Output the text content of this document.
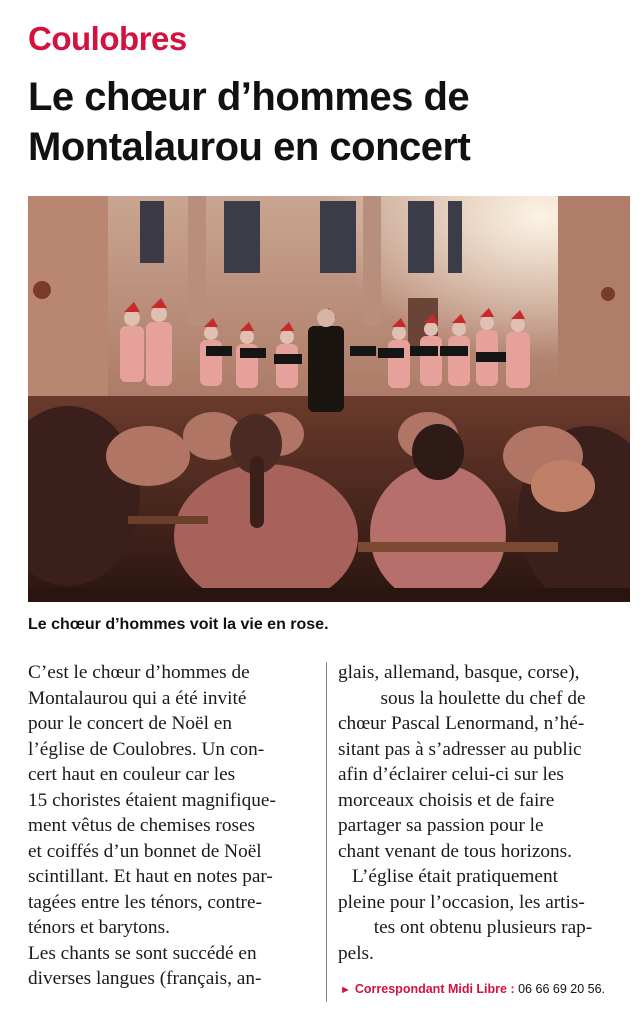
Coulobres
Le chœur d’hommes de
Montalaurou en concert
Le chœur d’hommes voit la vie en rose.
C’est le chœur d’hommes de
Montalaurou qui a été invité
pour le concert de Noël en
l’église de Coulobres. Un con-
cert haut en couleur car les
15 choristes étaient magnifique-
ment vêtus de chemises roses
et coiffés d’un bonnet de Noël
scintillant. Et haut en notes par-
tagées entre les ténors, contre-
ténors et barytons.
Les chants se sont succédé en
diverses langues (français, an-
glais, allemand, basque, corse),
sous la houlette du chef de
chœur Pascal Lenormand, n’hé-
sitant pas à s’adresser au public
afin d’éclairer celui-ci sur les
morceaux choisis et de faire
partager sa passion pour le
chant venant de tous horizons.
L’église était pratiquement
pleine pour l’occasion, les artis-
tes ont obtenu plusieurs rap-
pels.
► Correspondant Midi Libre : 06 66 69 20 56.
